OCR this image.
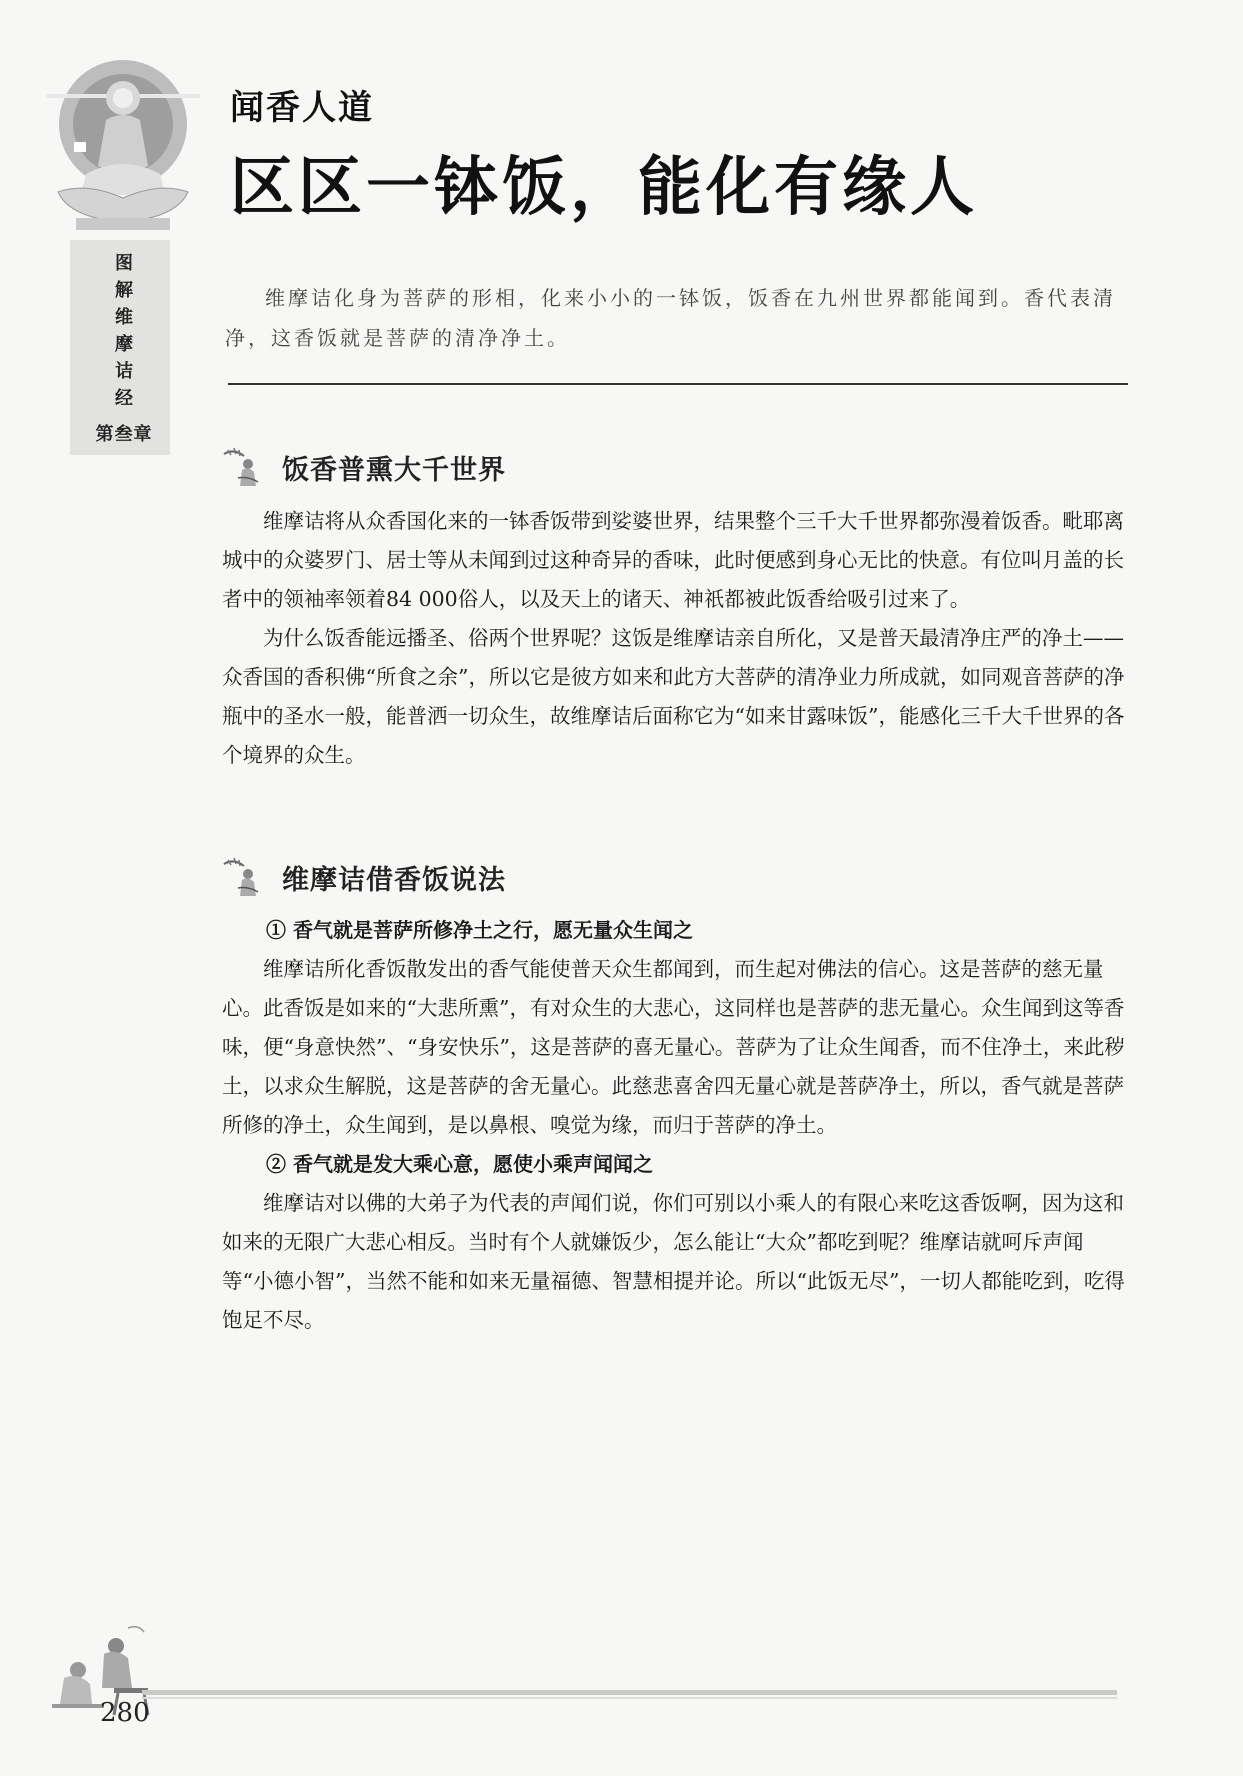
图
解
维
摩
诘
经
第叁章
闻香人道
区区一钵饭，能化有缘人

维摩诘化身为菩萨的形相，化来小小的一钵饭，饭香在九州世界都能闻到。香代表清净，这香饭就是菩萨的清净净土。

饭香普熏大千世界

维摩诘将从众香国化来的一钵香饭带到娑婆世界，结果整个三千大千世界都弥漫着饭香。毗耶离城中的众婆罗门、居士等从未闻到过这种奇异的香味，此时便感到身心无比的快意。有位叫月盖的长者中的领袖率领着84 000俗人，以及天上的诸天、神祇都被此饭香给吸引过来了。

为什么饭香能远播圣、俗两个世界呢？这饭是维摩诘亲自所化，又是普天最清净庄严的净土——众香国的香积佛“所食之余”，所以它是彼方如来和此方大菩萨的清净业力所成就，如同观音菩萨的净瓶中的圣水一般，能普洒一切众生，故维摩诘后面称它为“如来甘露味饭”，能感化三千大千世界的各个境界的众生。

维摩诘借香饭说法

① 香气就是菩萨所修净土之行，愿无量众生闻之

维摩诘所化香饭散发出的香气能使普天众生都闻到，而生起对佛法的信心。这是菩萨的慈无量心。此香饭是如来的“大悲所熏”，有对众生的大悲心，这同样也是菩萨的悲无量心。众生闻到这等香味，便“身意快然”、“身安快乐”，这是菩萨的喜无量心。菩萨为了让众生闻香，而不住净土，来此秽土，以求众生解脱，这是菩萨的舍无量心。此慈悲喜舍四无量心就是菩萨净土，所以，香气就是菩萨所修的净土，众生闻到，是以鼻根、嗅觉为缘，而归于菩萨的净土。

② 香气就是发大乘心意，愿使小乘声闻闻之

维摩诘对以佛的大弟子为代表的声闻们说，你们可别以小乘人的有限心来吃这香饭啊，因为这和如来的无限广大悲心相反。当时有个人就嫌饭少，怎么能让“大众”都吃到呢？维摩诘就呵斥声闻等“小德小智”，当然不能和如来无量福德、智慧相提并论。所以“此饭无尽”，一切人都能吃到，吃得饱足不尽。

280
